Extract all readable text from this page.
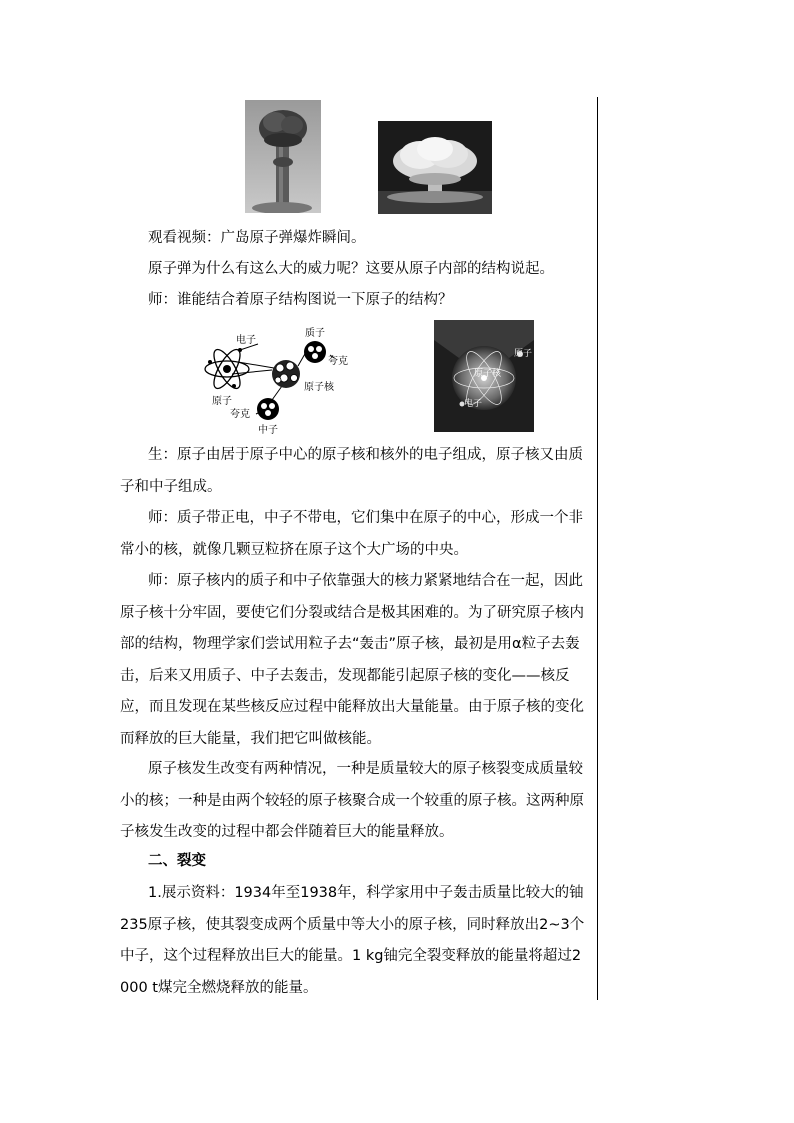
观看视频：广岛原子弹爆炸瞬间。

原子弹为什么有这么大的威力呢？这要从原子内部的结构说起。

师：谁能结合着原子结构图说一下原子的结构？

电子
质子
夸克
原子
原子核
夸克
中子
原子
原子核
电子

生：原子由居于原子中心的原子核和核外的电子组成，原子核又由质子和中子组成。

师：质子带正电，中子不带电，它们集中在原子的中心，形成一个非常小的核，就像几颗豆粒挤在原子这个大广场的中央。

师：原子核内的质子和中子依靠强大的核力紧紧地结合在一起，因此原子核十分牢固，要使它们分裂或结合是极其困难的。为了研究原子核内部的结构，物理学家们尝试用粒子去“轰击”原子核，最初是用α粒子去轰击，后来又用质子、中子去轰击，发现都能引起原子核的变化——核反应，而且发现在某些核反应过程中能释放出大量能量。由于原子核的变化而释放的巨大能量，我们把它叫做核能。

原子核发生改变有两种情况，一种是质量较大的原子核裂变成质量较小的核；一种是由两个较轻的原子核聚合成一个较重的原子核。这两种原子核发生改变的过程中都会伴随着巨大的能量释放。

二、裂变

1.展示资料：1934年至1938年，科学家用中子轰击质量比较大的铀235原子核，使其裂变成两个质量中等大小的原子核，同时释放出2~3个中子，这个过程释放出巨大的能量。1 kg铀完全裂变释放的能量将超过2 000 t煤完全燃烧释放的能量。
